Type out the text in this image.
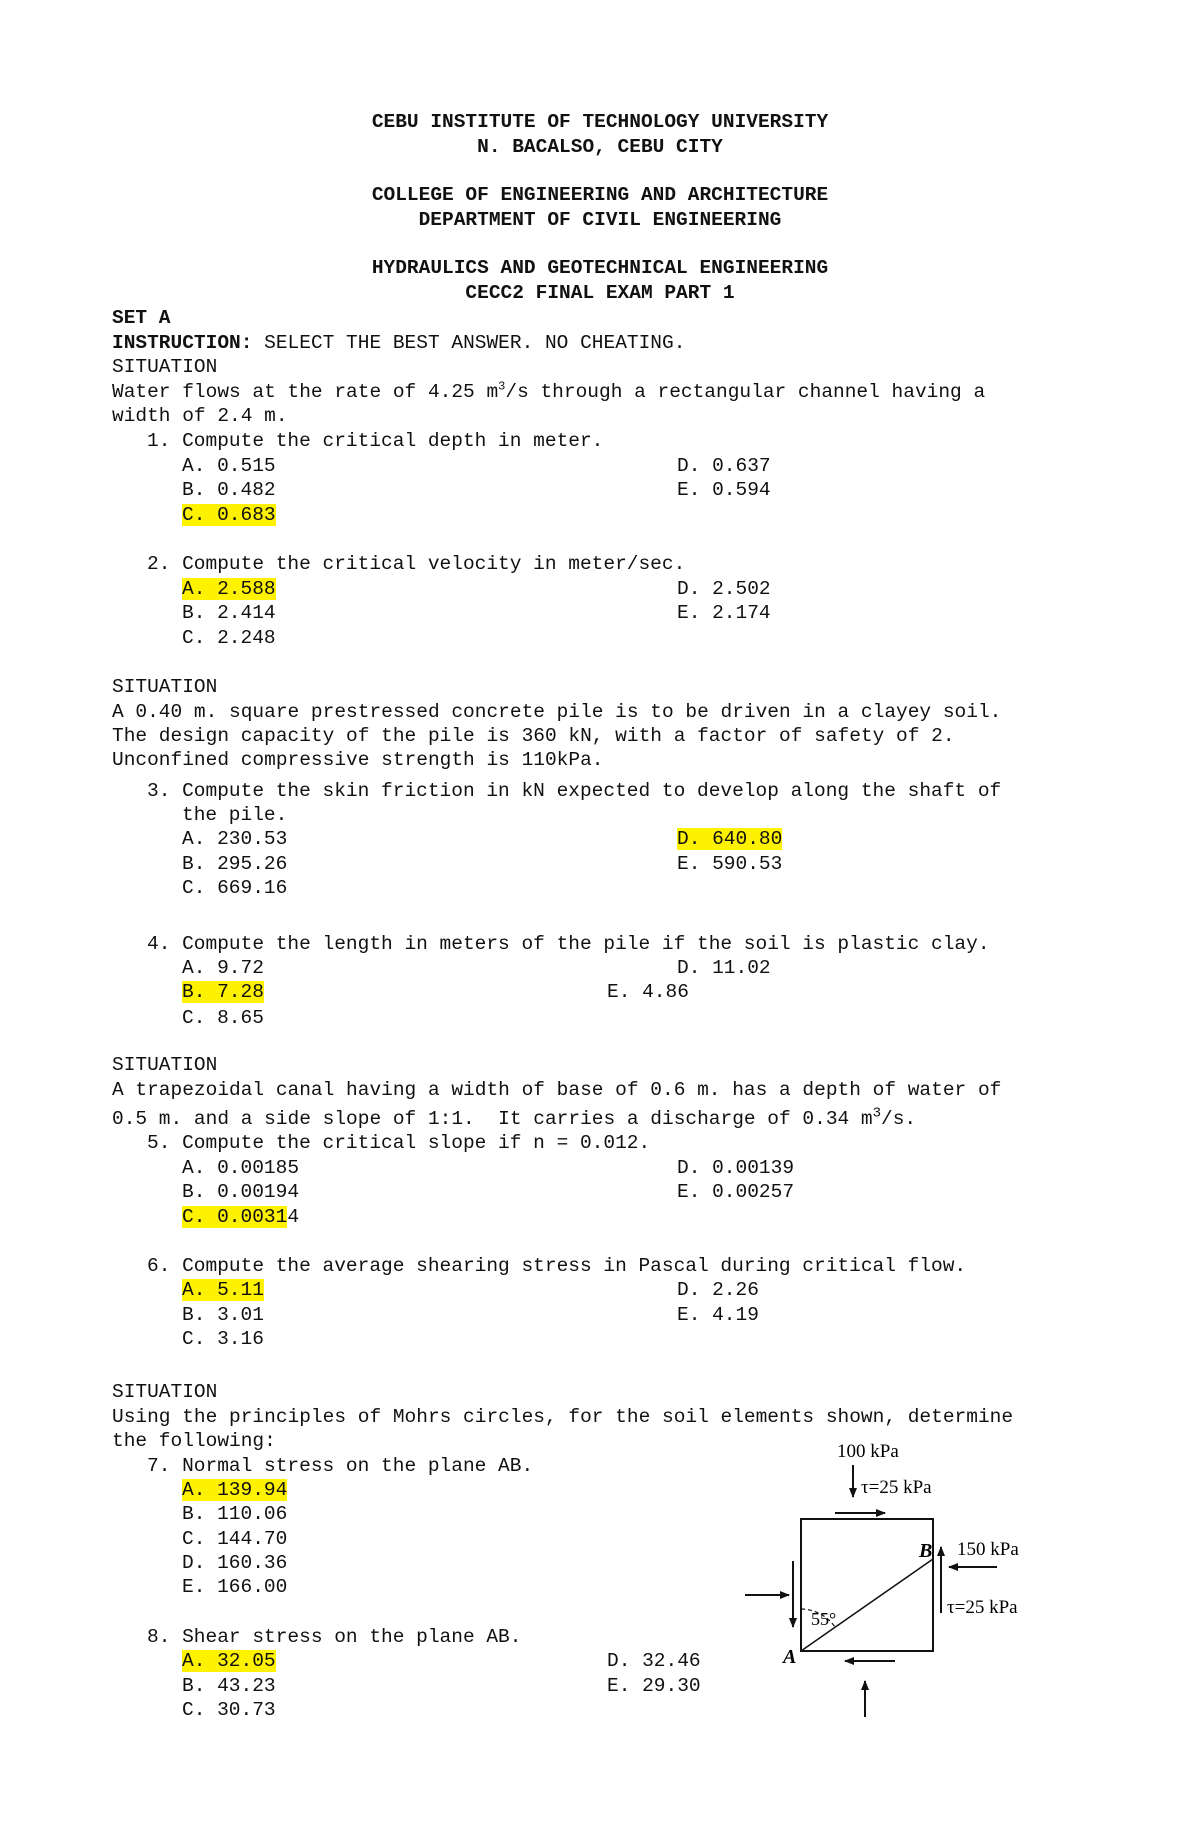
CEBU INSTITUTE OF TECHNOLOGY UNIVERSITY
N. BACALSO, CEBU CITY
COLLEGE OF ENGINEERING AND ARCHITECTURE
DEPARTMENT OF CIVIL ENGINEERING
HYDRAULICS AND GEOTECHNICAL ENGINEERING
CECC2 FINAL EXAM PART 1
SET A
INSTRUCTION: SELECT THE BEST ANSWER. NO CHEATING.
SITUATION
Water flows at the rate of 4.25 $m^3/s$ through a rectangular channel having a
width of 2.4 m.
1. Compute the critical depth in meter.
A. 0.515	D. 0.637
B. 0.482	E. 0.594
C. 0.683
2. Compute the critical velocity in meter/sec.
A. 2.588	D. 2.502
B. 2.414	E. 2.174
C. 2.248
SITUATION
A 0.40 m. square prestressed concrete pile is to be driven in a clayey soil.
The design capacity of the pile is 360 kN, with a factor of safety of 2.
Unconfined compressive strength is 110kPa.
3. Compute the skin friction in kN expected to develop along the shaft of
the pile.
A. 230.53	D. 640.80
B. 295.26	E. 590.53
C. 669.16
4. Compute the length in meters of the pile if the soil is plastic clay.
A. 9.72	D. 11.02
B. 7.28	E. 4.86
C. 8.65
SITUATION
A trapezoidal canal having a width of base of 0.6 m. has a depth of water of
0.5 m. and a side slope of 1:1.  It carries a discharge of 0.34 $m^3/s$.
5. Compute the critical slope if n = 0.012.
A. 0.00185	D. 0.00139
B. 0.00194	E. 0.00257
C. 0.00314
6. Compute the average shearing stress in Pascal during critical flow.
A. 5.11	D. 2.26
B. 3.01	E. 4.19
C. 3.16
SITUATION
Using the principles of Mohrs circles, for the soil elements shown, determine
the following:
7. Normal stress on the plane AB.
A. 139.94
B. 110.06
C. 144.70
D. 160.36
E. 166.00
8. Shear stress on the plane AB.
A. 32.05	D. 32.46
B. 43.23	E. 29.30
C. 30.73
100 kPa
τ=25 kPa
150 kPa
τ=25 kPa
55°
A
B
